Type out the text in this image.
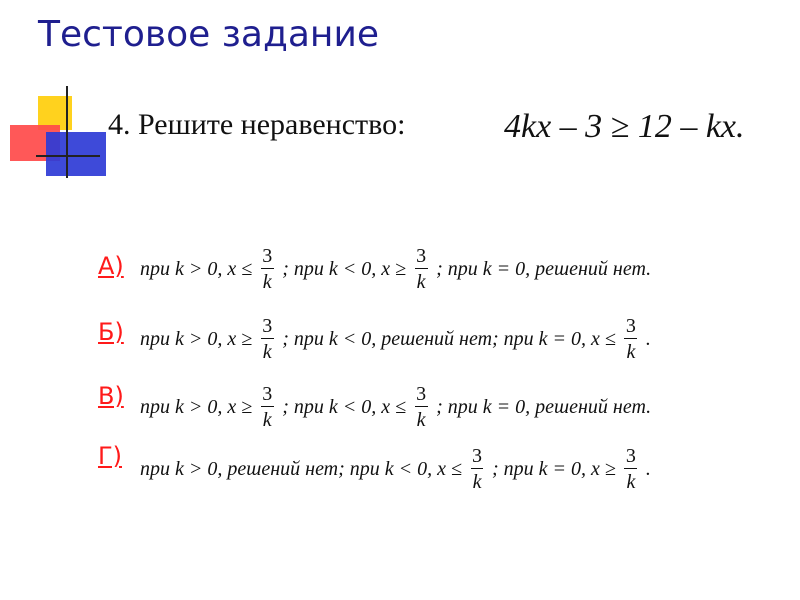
Тестовое задание
4. Решите неравенство:	4kx – 3 ≥ 12 – kx.
А) при k > 0, $x \le \frac{3}{k}$ ; при k < 0, $x \ge \frac{3}{k}$ ; при k = 0, решений нет.
Б) при k > 0, $x \ge \frac{3}{k}$ ; при k < 0, решений нет; при k = 0, $x \le \frac{3}{k}$ .
В) при k > 0, $x \ge \frac{3}{k}$ ; при k < 0, $x \le \frac{3}{k}$ ; при k = 0, решений нет.
Г) при k > 0, решений нет; при k < 0, $x \le \frac{3}{k}$ ; при k = 0, $x \ge \frac{3}{k}$ .
